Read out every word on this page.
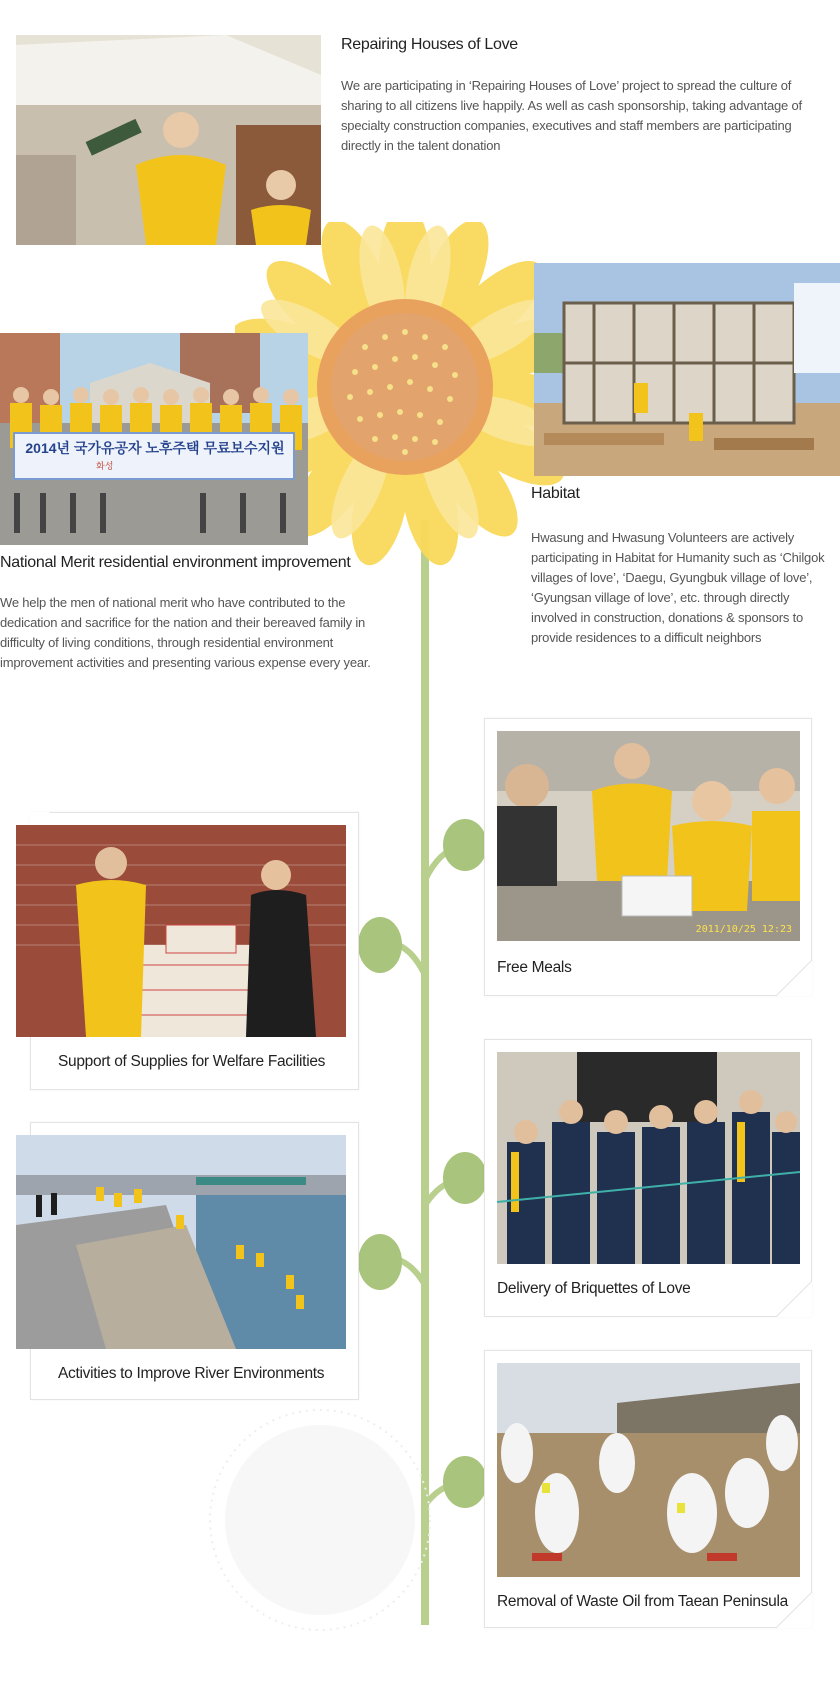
Repairing Houses of Love
We are participating in ‘Repairing Houses of Love’ project to spread the culture of sharing to all citizens live happily. As well as cash sponsorship, taking advantage of specialty construction companies, executives and staff members are participating directly in the talent donation
2014년 국가유공자 노후주택 무료보수지원
화성
National Merit residential environment improvement
We help the men of national merit who have contributed to the dedication and sacrifice for the nation and their bereaved family in difficulty of living conditions, through residential environment improvement activities and presenting various expense every year.
Habitat
Hwasung and Hwasung Volunteers are actively participating in Habitat for Humanity such as ‘Chilgok villages of love’, ‘Daegu, Gyungbuk village of love’, ‘Gyungsan village of love’, etc. through directly involved in construction, donations & sponsors to provide residences to a difficult neighbors
2011/10/25 12:23
Free Meals
Support of Supplies for Welfare Facilities
Delivery of Briquettes of Love
Activities to Improve River Environments
Removal of Waste Oil from Taean Peninsula
